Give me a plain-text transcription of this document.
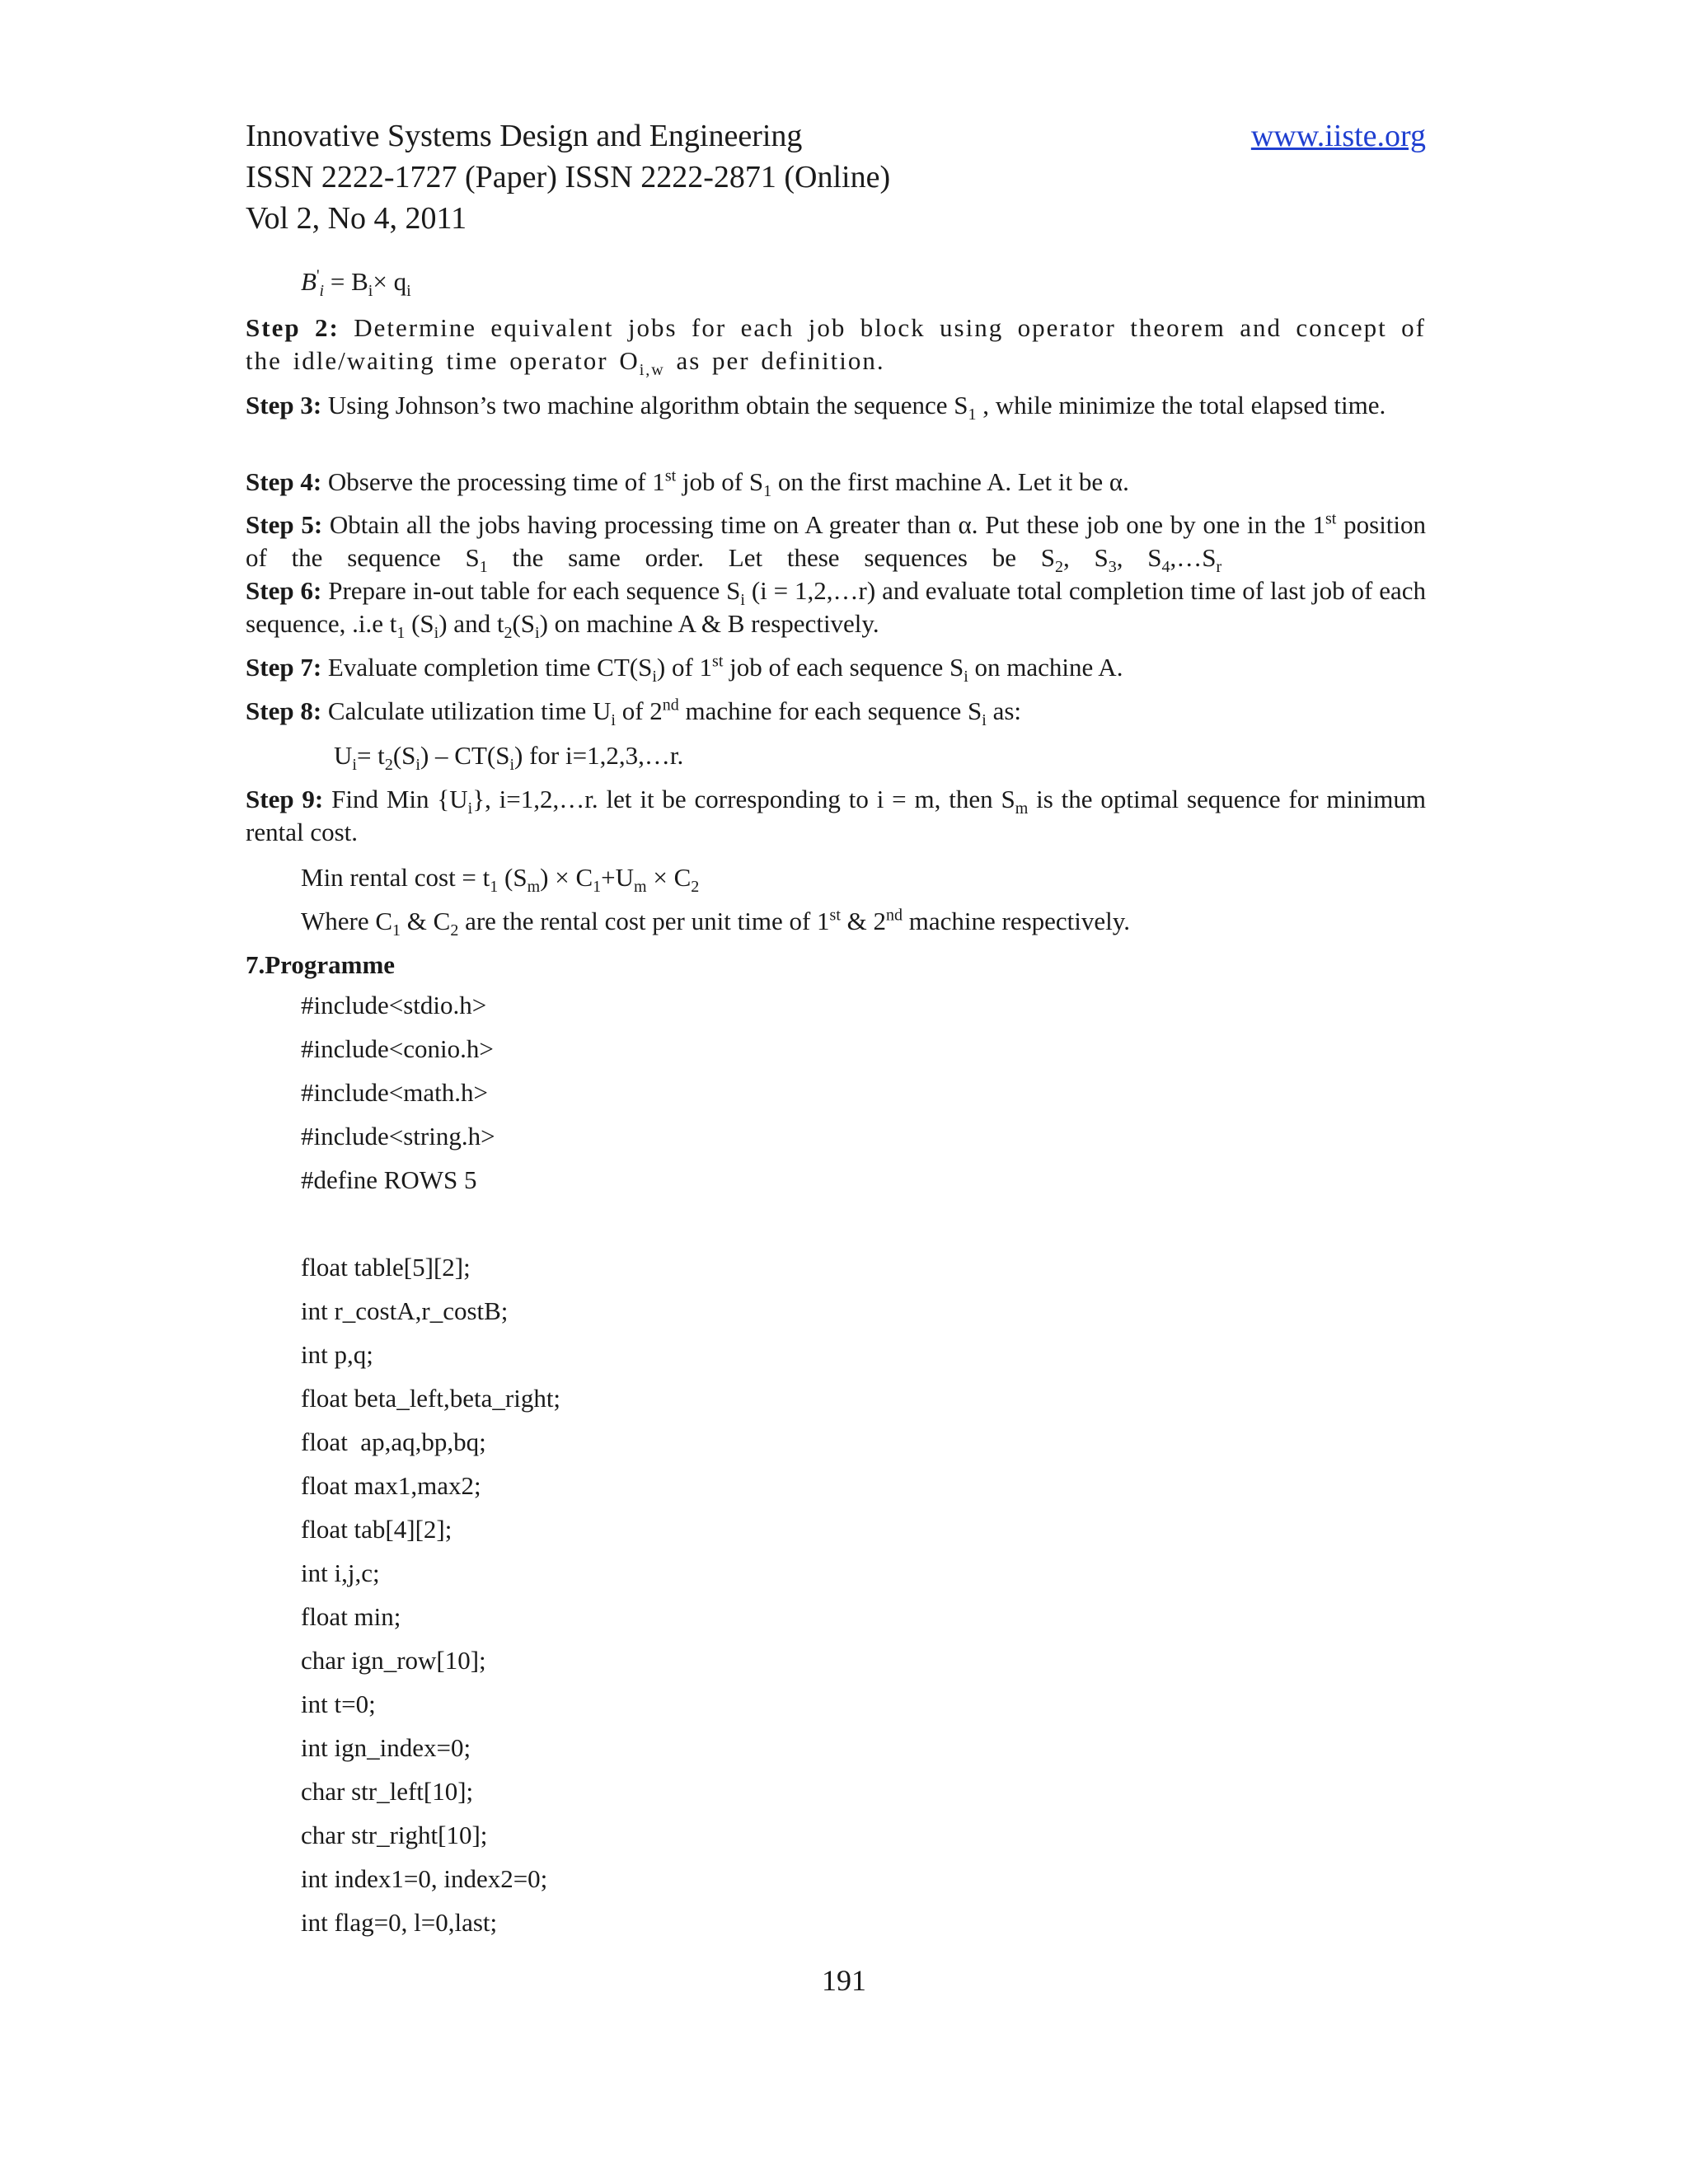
Innovative Systems Design and Engineering	www.iiste.org
ISSN 2222-1727 (Paper) ISSN 2222-2871 (Online)
Vol 2, No 4, 2011
$B'_i = B_i\times q_i$
Step 2: Determine equivalent jobs for each job block using operator theorem and concept of the idle/waiting time operator $O_{i,w}$ as per definition.
Step 3: Using Johnson’s two machine algorithm obtain the sequence $S_1$ , while minimize the total elapsed time.
Step 4: Observe the processing time of 1st job of $S_1$ on the first machine A. Let it be α.
Step 5: Obtain all the jobs having processing time on A greater than α. Put these job one by one in the 1st position of the sequence $S_1$ the same order. Let these sequences be $S_2$, $S_3$, $S_4,\dots S_r$
Step 6: Prepare in-out table for each sequence $S_i$ (i = 1,2,…r) and evaluate total completion time of last job of each sequence, .i.e $t_1$ $(S_i)$ and $t_2(S_i)$ on machine A & B respectively.
Step 7: Evaluate completion time $CT(S_i)$ of 1st job of each sequence $S_i$ on machine A.
Step 8: Calculate utilization time $U_i$ of 2nd machine for each sequence $S_i$ as:
$U_i= t_2(S_i) - CT(S_i)$ for i=1,2,3,…r.
Step 9: Find Min $\{U_i\}$, i=1,2,…r. let it be corresponding to i = m, then $S_m$ is the optimal sequence for minimum rental cost.
Min rental $\cos t = t_1$ $(S_m) \times C_1+U_m \times C_2$
Where $C_1$ & $C_2$ are the rental cost per unit time of 1st & 2nd machine respectively.
7.Programme
#include<stdio.h>
#include<conio.h>
#include<math.h>
#include<string.h>
#define ROWS 5
float table[5][2];
int r_costA,r_costB;
int p,q;
float beta_left,beta_right;
float  ap,aq,bp,bq;
float max1,max2;
float tab[4][2];
int i,j,c;
float min;
char ign_row[10];
int t=0;
int ign_index=0;
char str_left[10];
char str_right[10];
int index1=0, index2=0;
int flag=0, l=0,last;
191
